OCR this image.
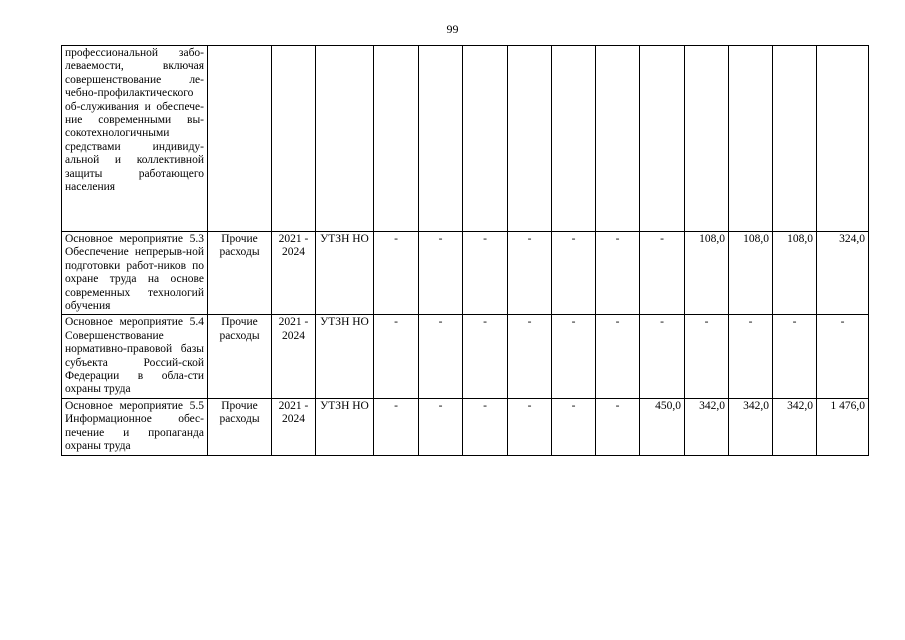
99
профессиональной забо-леваемости, включая совершенствование ле-чебно-профилактического об-служивания и обеспече-ние современными вы-сокотехнологичными средствами индивиду-альной и коллективной защиты работающего населения														
Основное мероприятие 5.3 Обеспечение непрерыв-ной подготовки работ-ников по охране труда на основе современных технологий обучения	Прочие расходы	2021 - 2024	УТЗН НО	-	-	-	-	-	-	-	108,0	108,0	108,0	324,0
Основное мероприятие 5.4 Совершенствование нормативно-правовой базы субъекта Россий-ской Федерации в обла-сти охраны труда	Прочие расходы	2021 - 2024	УТЗН НО	-	-	-	-	-	-	-	-	-	-	-
Основное мероприятие 5.5 Информационное обес-печение и пропаганда охраны труда	Прочие расходы	2021 - 2024	УТЗН НО	-	-	-	-	-	-	450,0	342,0	342,0	342,0	1 476,0
